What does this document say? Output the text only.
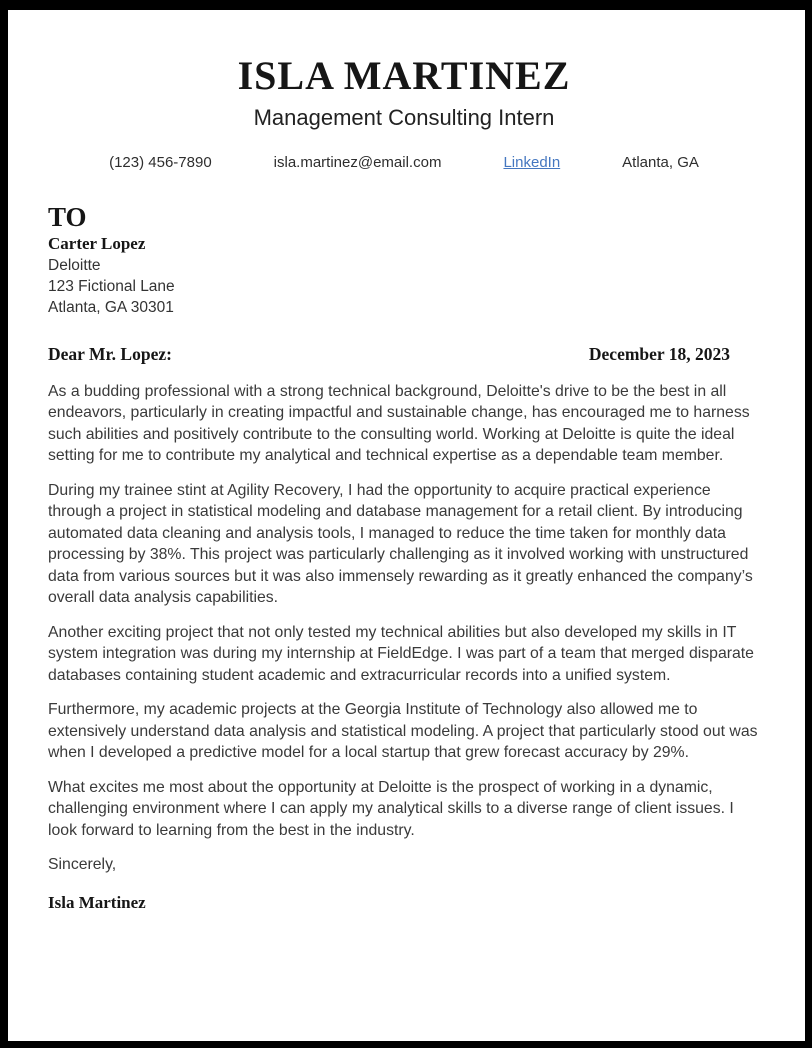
ISLA MARTINEZ
Management Consulting Intern
(123) 456-7890	isla.martinez@email.com	LinkedIn	Atlanta, GA
TO
Carter Lopez
Deloitte
123 Fictional Lane
Atlanta, GA 30301
Dear Mr. Lopez:	December 18, 2023

As a budding professional with a strong technical background, Deloitte's drive to be the best in all endeavors, particularly in creating impactful and sustainable change, has encouraged me to harness such abilities and positively contribute to the consulting world. Working at Deloitte is quite the ideal setting for me to contribute my analytical and technical expertise as a dependable team member.

During my trainee stint at Agility Recovery, I had the opportunity to acquire practical experience through a project in statistical modeling and database management for a retail client. By introducing automated data cleaning and analysis tools, I managed to reduce the time taken for monthly data processing by 38%. This project was particularly challenging as it involved working with unstructured data from various sources but it was also immensely rewarding as it greatly enhanced the company’s overall data analysis capabilities.

Another exciting project that not only tested my technical abilities but also developed my skills in IT system integration was during my internship at FieldEdge. I was part of a team that merged disparate databases containing student academic and extracurricular records into a unified system.

Furthermore, my academic projects at the Georgia Institute of Technology also allowed me to extensively understand data analysis and statistical modeling. A project that particularly stood out was when I developed a predictive model for a local startup that grew forecast accuracy by 29%.

What excites me most about the opportunity at Deloitte is the prospect of working in a dynamic, challenging environment where I can apply my analytical skills to a diverse range of client issues. I look forward to learning from the best in the industry.

Sincerely,
Isla Martinez
